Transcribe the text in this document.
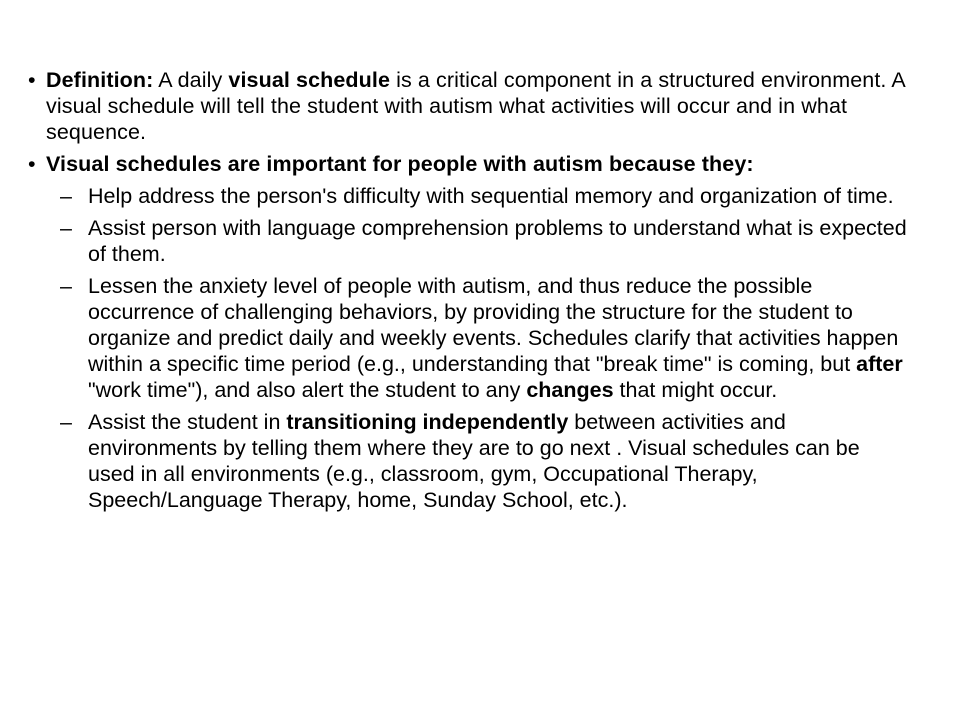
• Definition: A daily visual schedule is a critical component in a structured environment. A visual schedule will tell the student with autism what activities will occur and in what sequence.
• Visual schedules are important for people with autism because they:
– Help address the person's difficulty with sequential memory and organization of time.
– Assist person with language comprehension problems to understand what is expected of them.
– Lessen the anxiety level of people with autism, and thus reduce the possible occurrence of challenging behaviors, by providing the structure for the student to organize and predict daily and weekly events. Schedules clarify that activities happen within a specific time period (e.g., understanding that "break time" is coming, but after "work time"), and also alert the student to any changes that might occur.
– Assist the student in transitioning independently between activities and environments by telling them where they are to go next . Visual schedules can be used in all environments (e.g., classroom, gym, Occupational Therapy, Speech/Language Therapy, home, Sunday School, etc.).
